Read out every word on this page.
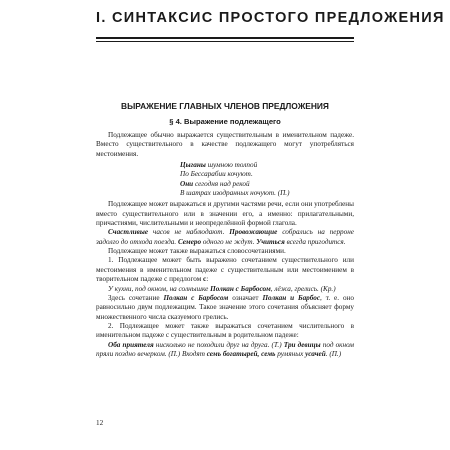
I. СИНТАКСИС ПРОСТОГО ПРЕДЛОЖЕНИЯ
ВЫРАЖЕНИЕ ГЛАВНЫХ ЧЛЕНОВ ПРЕДЛОЖЕНИЯ
§ 4. Выражение подлежащего

Подлежащее обычно выражается существительным в именительном падеже. Вместо существительного в качестве подлежащего могут употребляться местоимения.

Цыганы шумною толпой
По Бессарабии кочуют.
Они сегодня над рекой
В шатрах изодранных ночуют. (П.)

Подлежащее может выражаться и другими частями речи, если они употреблены вместо существительного или в значении его, а именно: прилагательными, причастиями, числительными и неопределённой формой глагола.

Счастливые часов не наблюдают. Провожающие собрались на перроне задолго до отхода поезда. Семеро одного не ждут. Учиться всегда пригодится.

Подлежащее может также выражаться словосочетаниями.

1. Подлежащее может быть выражено сочетанием существительного или местоимения в именительном падеже с существительным или местоимением в творительном падеже с предлогом с:

У кухни, под окном, на солнышке Полкан с Барбосом, лёжа, грелись. (Кр.)

Здесь сочетание Полкан с Барбосом означает Полкан и Барбос, т. е. оно равносильно двум подлежащим. Такое значение этого сочетания объясняет форму множественного числа сказуемого грелись.

2. Подлежащее может также выражаться сочетанием числительного в именительном падеже с существительным в родительном падеже:

Оба приятеля нисколько не походили друг на друга. (Т.) Три девицы под окном пряли поздно вечерком. (П.) Входят семь богатырей, семь румяных усачей. (П.)

12
